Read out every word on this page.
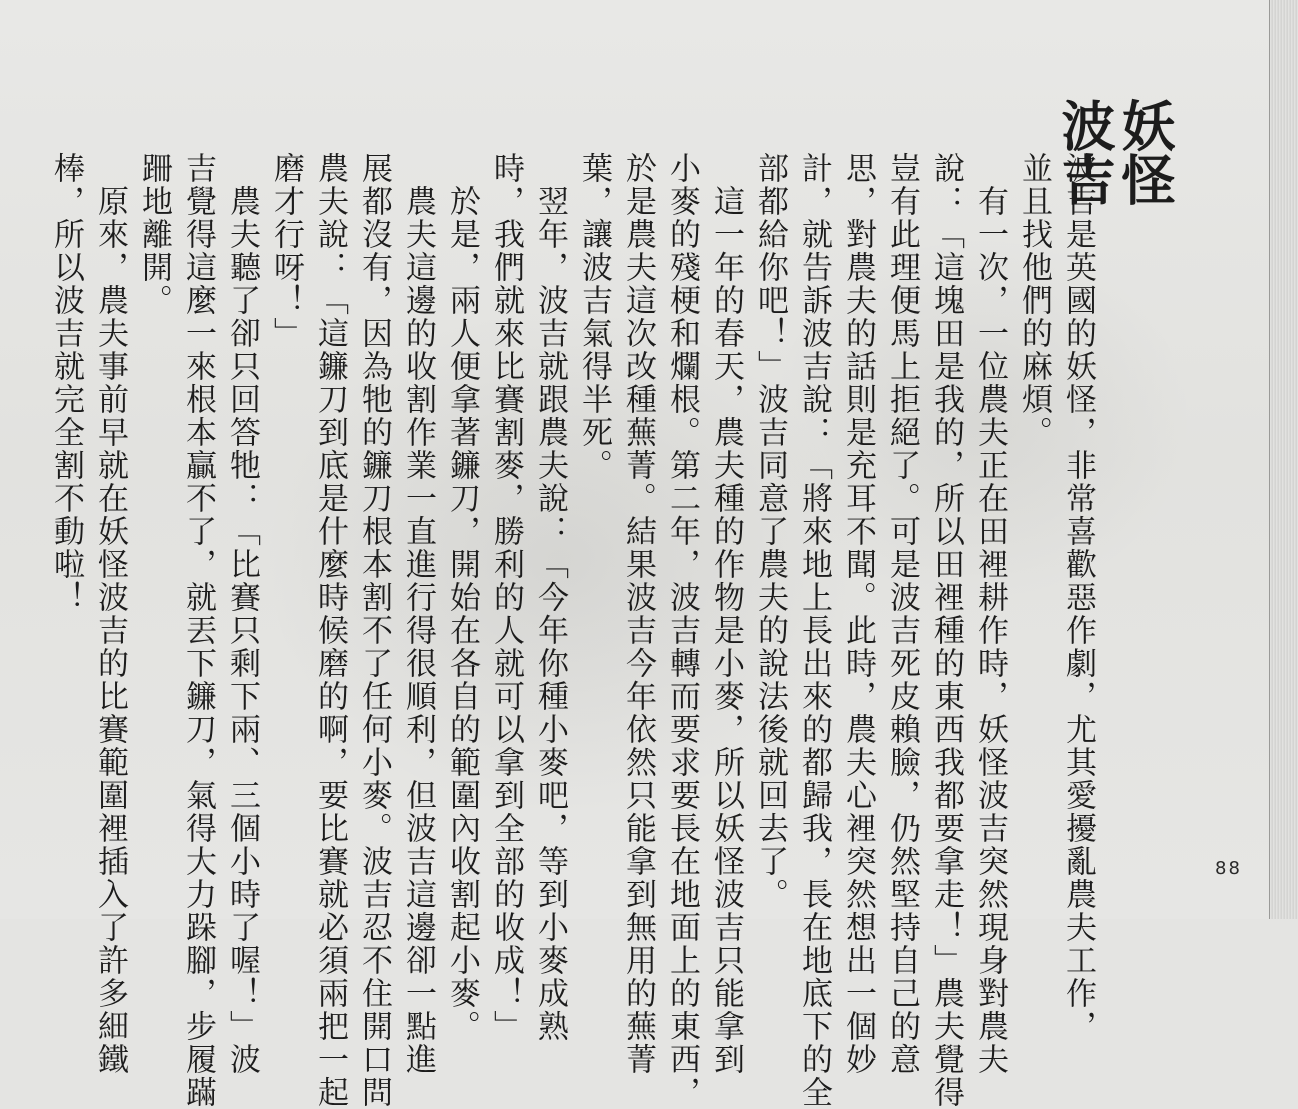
妖怪
波吉
波吉是英國的妖怪，非常喜歡惡作劇，尤其愛擾亂農夫工作，
並且找他們的麻煩。
　有一次，一位農夫正在田裡耕作時，妖怪波吉突然現身對農夫
說：「這塊田是我的，所以田裡種的東西我都要拿走！」農夫覺得
豈有此理便馬上拒絕了。可是波吉死皮賴臉，仍然堅持自己的意
思，對農夫的話則是充耳不聞。此時，農夫心裡突然想出一個妙
計，就告訴波吉說：「將來地上長出來的都歸我，長在地底下的全
部都給你吧！」波吉同意了農夫的說法後就回去了。
　這一年的春天，農夫種的作物是小麥，所以妖怪波吉只能拿到
小麥的殘梗和爛根。第二年，波吉轉而要求要長在地面上的東西，
於是農夫這次改種蕪菁。結果波吉今年依然只能拿到無用的蕪菁
葉，讓波吉氣得半死。
　翌年，波吉就跟農夫說：「今年你種小麥吧，等到小麥成熟
時，我們就來比賽割麥，勝利的人就可以拿到全部的收成！」
　於是，兩人便拿著鐮刀，開始在各自的範圍內收割起小麥。
　農夫這邊的收割作業一直進行得很順利，但波吉這邊卻一點進
展都沒有，因為牠的鐮刀根本割不了任何小麥。波吉忍不住開口問
農夫說：「這鐮刀到底是什麼時候磨的啊，要比賽就必須兩把一起
磨才行呀！」
　農夫聽了卻只回答牠：「比賽只剩下兩、三個小時了喔！」波
吉覺得這麼一來根本贏不了，就丟下鐮刀，氣得大力跺腳，步履蹣
跚地離開。
　原來，農夫事前早就在妖怪波吉的比賽範圍裡插入了許多細鐵
棒，所以波吉就完全割不動啦！
88
